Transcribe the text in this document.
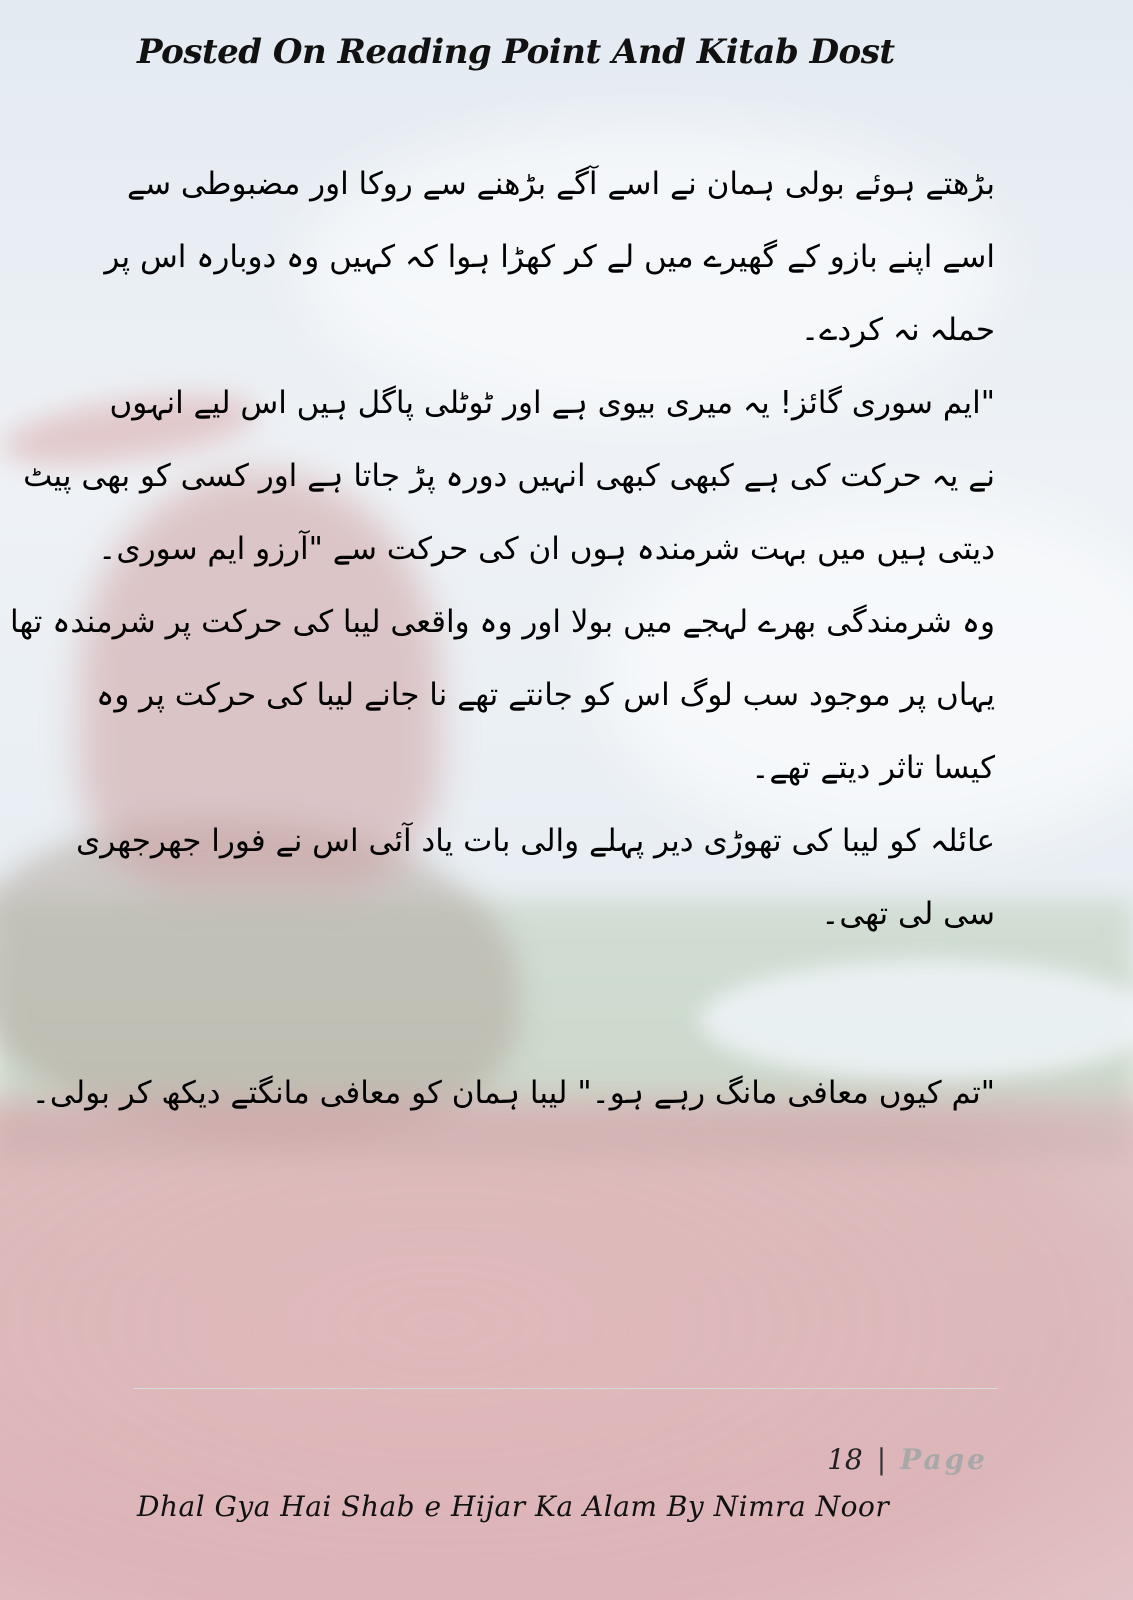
Posted On Reading Point And Kitab Dost
بڑھتے ہوئے بولی ہمان نے اسے آگے بڑھنے سے روکا اور مضبوطی سے
اسے اپنے بازو کے گھیرے میں لے کر کھڑا ہوا کہ کہیں وہ دوبارہ اس پر
حملہ نہ کردے۔
"ایم سوری گائز! یہ میری بیوی ہے اور ٹوٹلی پاگل ہیں اس لیے انہوں
نے یہ حرکت کی ہے کبھی کبھی انہیں دورہ پڑ جاتا ہے اور کسی کو بھی پیٹ
دیتی ہیں میں بہت شرمندہ ہوں ان کی حرکت سے "آرزو ایم سوری۔
وہ شرمندگی بھرے لہجے میں بولا اور وہ واقعی لیبا کی حرکت پر شرمندہ تھا
یہاں پر موجود سب لوگ اس کو جانتے تھے نا جانے لیبا کی حرکت پر وہ
کیسا تاثر دیتے تھے۔
عائلہ کو لیبا کی تھوڑی دیر پہلے والی بات یاد آئی اس نے فورا جھرجھری
سی لی تھی۔
"تم کیوں معافی مانگ رہے ہو۔" لیبا ہمان کو معافی مانگتے دیکھ کر بولی۔
18 | Page
Dhal Gya Hai Shab e Hijar Ka Alam By Nimra Noor
